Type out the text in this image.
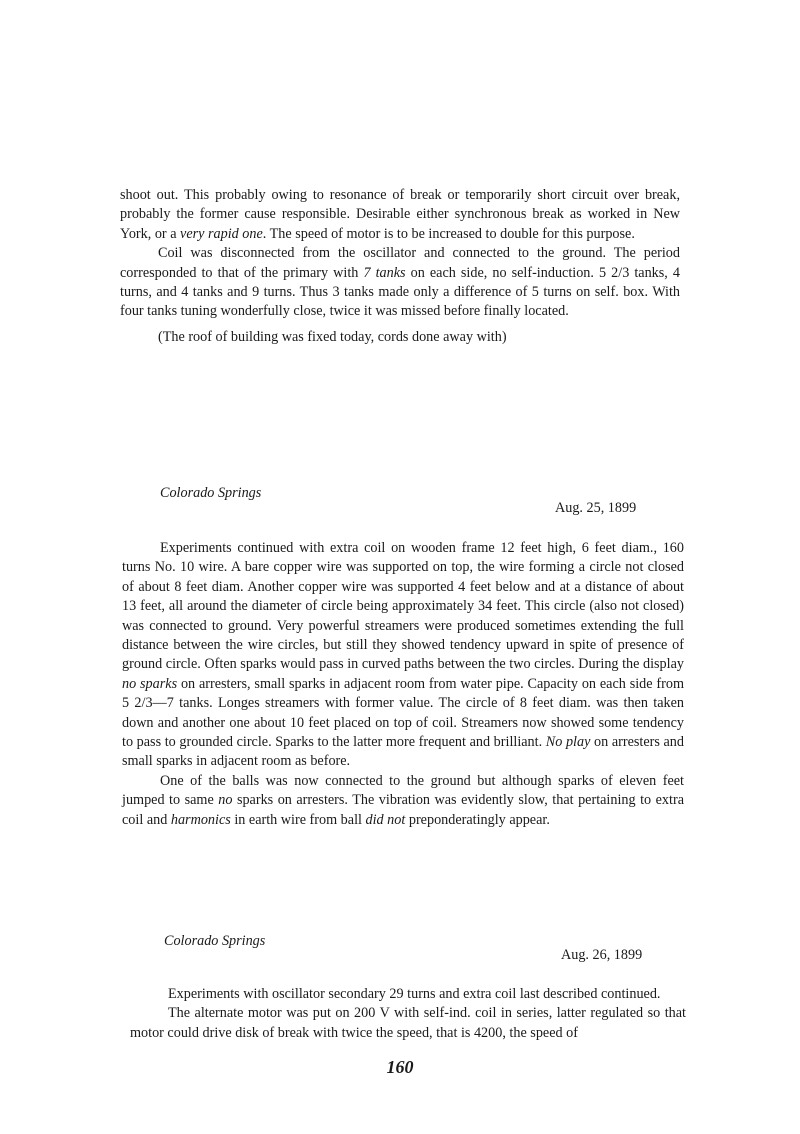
shoot out. This probably owing to resonance of break or temporarily short circuit over break, probably the former cause responsible. Desirable either synchronous break as worked in New York, or a very rapid one. The speed of motor is to be increased to double for this purpose.

Coil was disconnected from the oscillator and connected to the ground. The period corresponded to that of the primary with 7 tanks on each side, no self-induction. 5 2/3 tanks, 4 turns, and 4 tanks and 9 turns. Thus 3 tanks made only a difference of 5 turns on self. box. With four tanks tuning wonderfully close, twice it was missed before finally located.

(The roof of building was fixed today, cords done away with)

Colorado Springs
Aug. 25, 1899

Experiments continued with extra coil on wooden frame 12 feet high, 6 feet diam., 160 turns No. 10 wire. A bare copper wire was supported on top, the wire forming a circle not closed of about 8 feet diam. Another copper wire was supported 4 feet below and at a distance of about 13 feet, all around the diameter of circle being approximately 34 feet. This circle (also not closed) was connected to ground. Very powerful streamers were produced sometimes extending the full distance between the wire circles, but still they showed tendency upward in spite of presence of ground circle. Often sparks would pass in curved paths between the two circles. During the display no sparks on arresters, small sparks in adjacent room from water pipe. Capacity on each side from 5 2/3—7 tanks. Longes streamers with former value. The circle of 8 feet diam. was then taken down and another one about 10 feet placed on top of coil. Streamers now showed some tendency to pass to grounded circle. Sparks to the latter more frequent and brilliant. No play on arresters and small sparks in adjacent room as before.

One of the balls was now connected to the ground but although sparks of eleven feet jumped to same no sparks on arresters. The vibration was evidently slow, that pertaining to extra coil and harmonics in earth wire from ball did not preponderatingly appear.

Colorado Springs
Aug. 26, 1899

Experiments with oscillator secondary 29 turns and extra coil last described continued.

The alternate motor was put on 200 V with self-ind. coil in series, latter regulated so that motor could drive disk of break with twice the speed, that is 4200, the speed of

160
